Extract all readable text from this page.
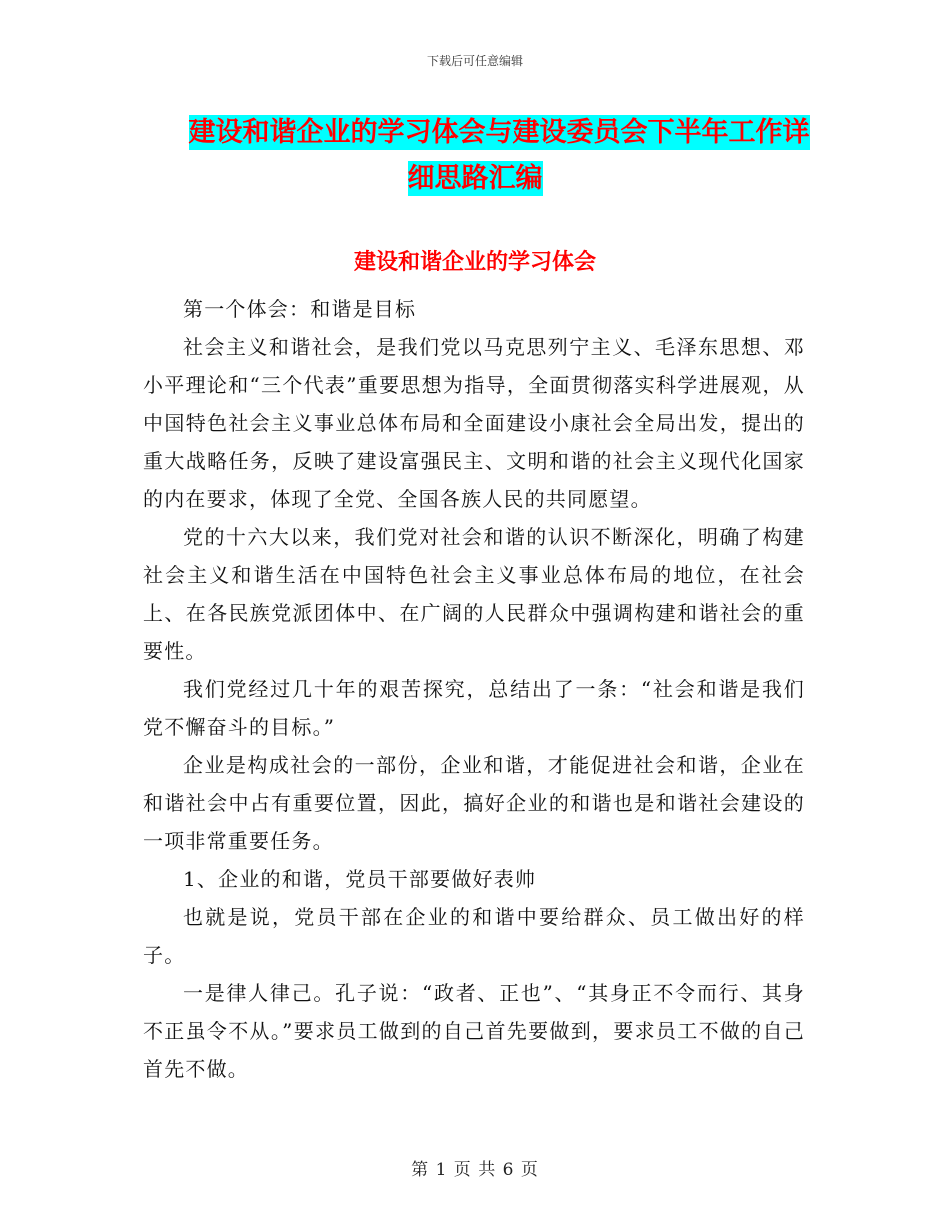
下载后可任意编辑
建设和谐企业的学习体会与建设委员会下半年工作详
细思路汇编
建设和谐企业的学习体会

第一个体会：和谐是目标

社会主义和谐社会，是我们党以马克思列宁主义、毛泽东思想、邓小平理论和“三个代表”重要思想为指导，全面贯彻落实科学进展观，从中国特色社会主义事业总体布局和全面建设小康社会全局出发，提出的重大战略任务，反映了建设富强民主、文明和谐的社会主义现代化国家的内在要求，体现了全党、全国各族人民的共同愿望。

党的十六大以来，我们党对社会和谐的认识不断深化，明确了构建社会主义和谐生活在中国特色社会主义事业总体布局的地位，在社会上、在各民族党派团体中、在广阔的人民群众中强调构建和谐社会的重要性。

我们党经过几十年的艰苦探究，总结出了一条：“社会和谐是我们党不懈奋斗的目标。”

企业是构成社会的一部份，企业和谐，才能促进社会和谐，企业在和谐社会中占有重要位置，因此，搞好企业的和谐也是和谐社会建设的一项非常重要任务。

1、企业的和谐，党员干部要做好表帅

也就是说，党员干部在企业的和谐中要给群众、员工做出好的样子。

一是律人律己。孔子说：“政者、正也”、“其身正不令而行、其身不正虽令不从。”要求员工做到的自己首先要做到，要求员工不做的自己首先不做。

第 1 页 共 6 页
